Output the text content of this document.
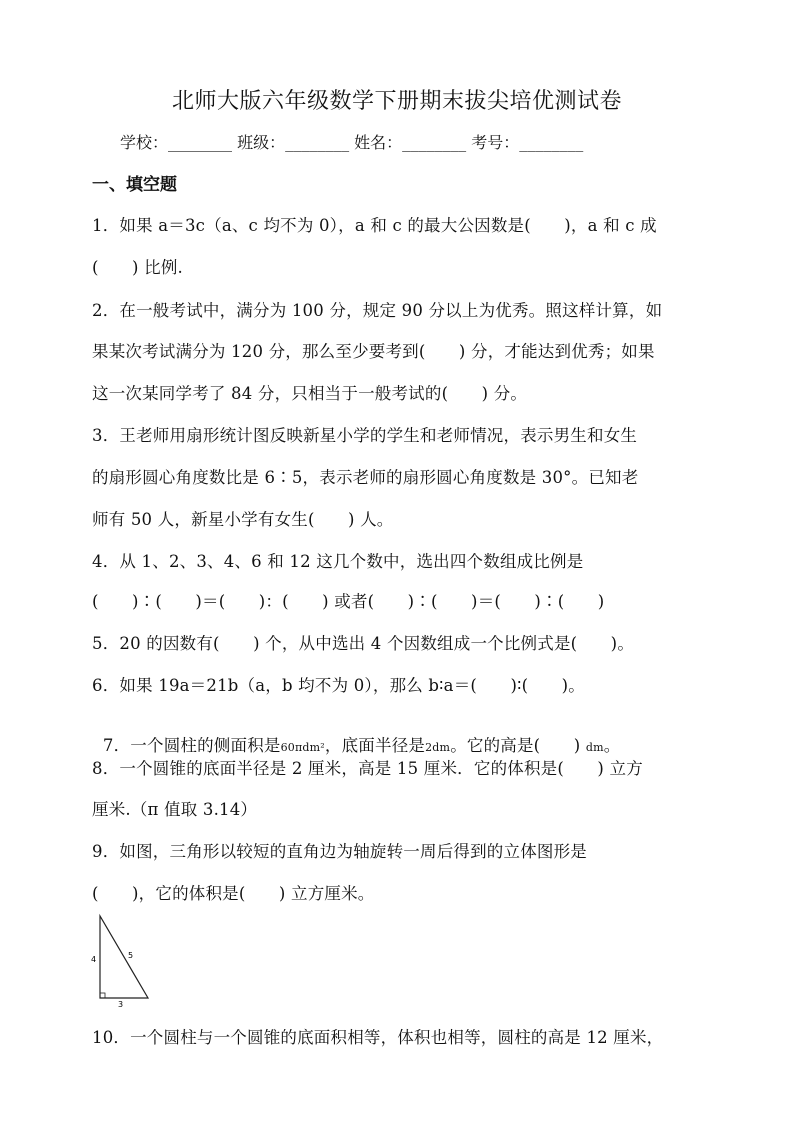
北师大版六年级数学下册期末拔尖培优测试卷
学校：________ 班级：________ 姓名：________ 考号：________
一、填空题
1．如果 a＝3c（a、c 均不为 0），a 和 c 的最大公因数是(　　)，a 和 c 成
(　　) 比例.
2．在一般考试中，满分为 100 分，规定 90 分以上为优秀。照这样计算，如
果某次考试满分为 120 分，那么至少要考到(　　) 分，才能达到优秀；如果
这一次某同学考了 84 分，只相当于一般考试的(　　) 分。
3．王老师用扇形统计图反映新星小学的学生和老师情况，表示男生和女生
的扇形圆心角度数比是 6∶5，表示老师的扇形圆心角度数是 30°。已知老
师有 50 人，新星小学有女生(　　) 人。
4．从 1、2、3、4、6 和 12 这几个数中，选出四个数组成比例是
(　　)∶(　　)＝(　　)：(　　) 或者(　　)∶(　　)＝(　　)∶(　　)
5．20 的因数有(　　) 个，从中选出 4 个因数组成一个比例式是(　　)。
6．如果 19a＝21b（a，b 均不为 0），那么 b∶a＝(　　)∶(　　)。

7．一个圆柱的侧面积是60πdm²，底面半径是2dm。它的高是(　　) dm。

8．一个圆锥的底面半径是 2 厘米，高是 15 厘米．它的体积是(　　) 立方
厘米.（π 值取 3.14）
9．如图，三角形以较短的直角边为轴旋转一周后得到的立体图形是
(　　)，它的体积是(　　) 立方厘米。
4	5
3
10．一个圆柱与一个圆锥的底面积相等，体积也相等，圆柱的高是 12 厘米，
